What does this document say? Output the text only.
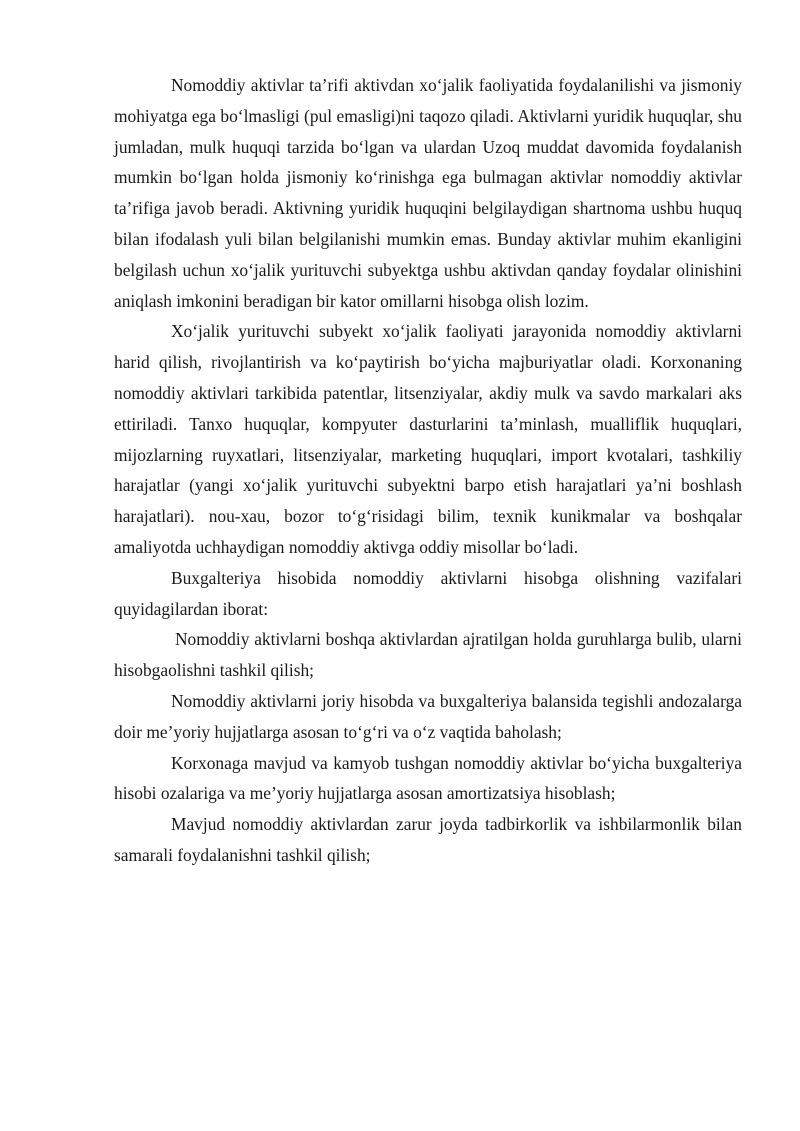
Nomoddiy aktivlar ta’rifi aktivdan xo‘jalik faoliyatida foydalanilishi va jismoniy mohiyatga ega bo‘lmasligi (pul emasligi)ni taqozo qiladi. Aktivlarni yuridik huquqlar, shu jumladan, mulk huquqi tarzida bo‘lgan va ulardan Uzoq muddat davomida foydalanish mumkin bo‘lgan holda jismoniy ko‘rinishga ega bulmagan aktivlar nomoddiy aktivlar ta’rifiga javob beradi. Aktivning yuridik huquqini belgilaydigan shartnoma ushbu huquq bilan ifodalash yuli bilan belgilanishi mumkin emas. Bunday aktivlar muhim ekanligini belgilash uchun xo‘jalik yurituvchi subyektga ushbu aktivdan qanday foydalar olinishini aniqlash imkonini beradigan bir kator omillarni hisobga olish lozim.

Xo‘jalik yurituvchi subyekt xo‘jalik faoliyati jarayonida nomoddiy aktivlarni harid qilish, rivojlantirish va ko‘paytirish bo‘yicha majburiyatlar oladi. Korxonaning nomoddiy aktivlari tarkibida patentlar, litsenziyalar, akdiy mulk va savdo markalari aks ettiriladi. Tanxo huquqlar, kompyuter dasturlarini ta’minlash, mualliflik huquqlari, mijozlarning ruyxatlari, litsenziyalar, marketing huquqlari, import kvotalari, tashkiliy harajatlar (yangi xo‘jalik yurituvchi subyektni barpo etish harajatlari ya’ni boshlash harajatlari). nou-xau, bozor to‘g‘risidagi bilim, texnik kunikmalar va boshqalar amaliyotda uchhaydigan nomoddiy aktivga oddiy misollar bo‘ladi.

Buxgalteriya hisobida nomoddiy aktivlarni hisobga olishning vazifalari quyidagilardan iborat:

Nomoddiy aktivlarni boshqa aktivlardan ajratilgan holda guruhlarga bulib, ularni hisobgaolishni tashkil qilish;

Nomoddiy aktivlarni joriy hisobda va buxgalteriya balansida tegishli andozalarga doir me’yoriy hujjatlarga asosan to‘g‘ri va o‘z vaqtida baholash;

Korxonaga mavjud va kamyob tushgan nomoddiy aktivlar bo‘yicha buxgalteriya hisobi ozalariga va me’yoriy hujjatlarga asosan amortizatsiya hisoblash;

Mavjud nomoddiy aktivlardan zarur joyda tadbirkorlik va ishbilarmonlik bilan samarali foydalanishni tashkil qilish;
